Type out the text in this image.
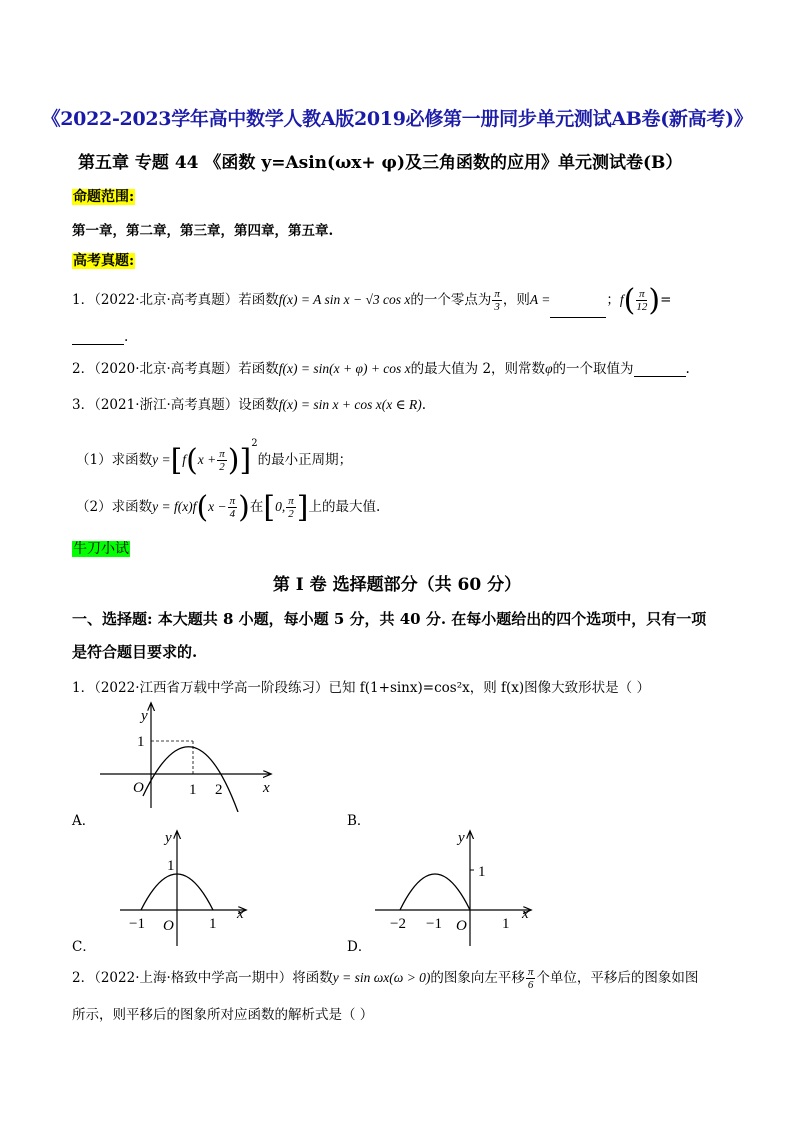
《2022-2023学年高中数学人教A版2019必修第一册同步单元测试AB卷(新高考)》
第五章 专题 44 《函数 y=Asin(ωx+ φ)及三角函数的应用》单元测试卷(B）
命题范围:
第一章，第二章，第三章，第四章，第五章.
高考真题:
1．（2022·北京·高考真题）若函数f(x) = A sin x − √3 cos x的一个零点为 $\frac{\pi}{3}$ ，则A =	；$f( \frac{\pi}{12}$ )=
.
2．（2020·北京·高考真题）若函数f(x) = sin(x + φ) + cos x的最大值为 2，则常数φ的一个取值为	.
3．（2021·浙江·高考真题）设函数f(x) = sin x + cos x(x ∈ R).
（1）求函数$y =[f(x + \frac{\pi}{2} )]^2$的最小正周期；
（2）求函数$y = f(x)f(x - \frac{\pi}{4}$ )在[0, $\frac{\pi}{2}$ ]上的最大值.
牛刀小试
第 I 卷 选择题部分（共 60 分）
一、选择题: 本大题共 8 小题，每小题 5 分，共 40 分. 在每小题给出的四个选项中，只有一项
是符合题目要求的.
1．（2022·江西省万载中学高一阶段练习）已知 f(1+sinx)=cos²x，则 f(x)图像大致形状是（ ）
y
x
O	1 2
1
A．	B．
y
x
O
−1	1
1
y
x
O
−2 −1	1
1
C．	D．
2．（2022·上海·格致中学高一期中）将函数y = sin ωx(ω > 0)的图象向左平移 $\frac{\pi}{6}$ 个单位，平移后的图象如图
所示，则平移后的图象所对应函数的解析式是（ ）
